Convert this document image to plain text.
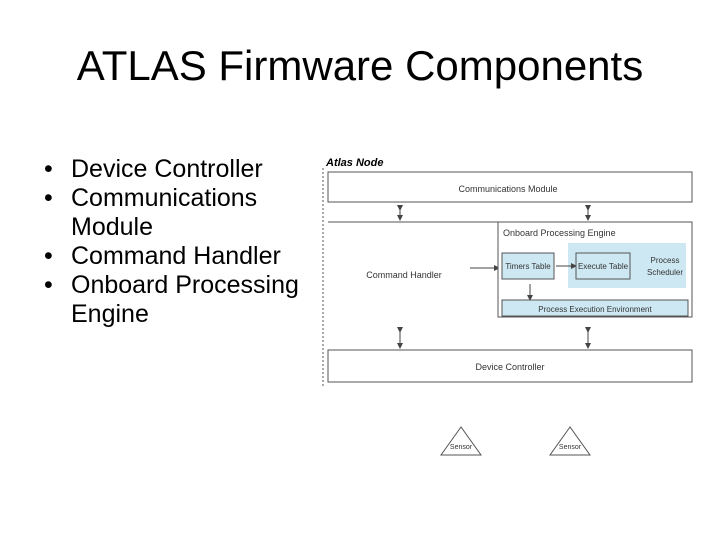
ATLAS Firmware Components
• Device Controller
• Communications Module
• Command Handler
• Onboard Processing Engine
Atlas Node
Communications Module
Command Handler
Onboard Processing Engine
Timers Table	Execute Table
Process
Scheduler
Process Execution Environment
Device Controller
Sensor	Sensor
